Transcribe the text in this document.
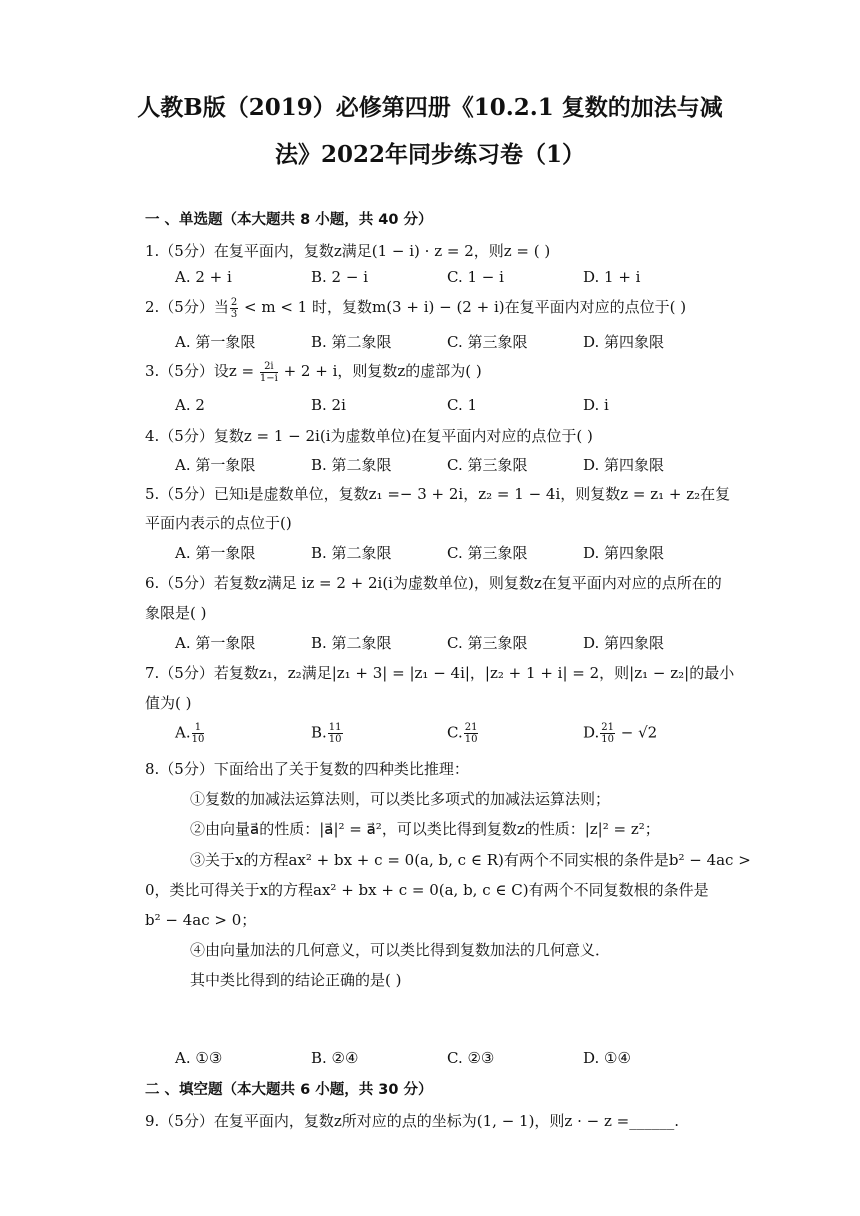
人教B版（2019）必修第四册《10.2.1 复数的加法与减
法》2022年同步练习卷（1）
一 、单选题（本大题共 8 小题，共 40 分）
1.（5分）在复平面内，复数z满足(1 − i) · z = 2，则z = ( )
A. 2 + i	B. 2 − i	C. 1 − i	D. 1 + i
2.（5分）当 $\frac{2}{3} < m < 1$ 时，复数m(3 + i) − (2 + i)在复平面内对应的点位于( )
A. 第一象限	B. 第二象限	C. 第三象限	D. 第四象限
3.（5分）设$z = \frac{2i}{1-i} + 2 + i$，则复数z的虚部为( )
A. 2	B. 2i	C. 1	D. i
4.（5分）复数z = 1 − 2i(i为虚数单位)在复平面内对应的点位于( )
A. 第一象限	B. 第二象限	C. 第三象限	D. 第四象限
5.（5分）已知i是虚数单位，复数z₁ =− 3 + 2i，z₂ = 1 − 4i，则复数z = z₁ + z₂在复
平面内表示的点位于()
A. 第一象限	B. 第二象限	C. 第三象限	D. 第四象限
6.（5分）若复数z满足 iz = 2 + 2i(i为虚数单位)，则复数z在复平面内对应的点所在的
象限是( )
A. 第一象限	B. 第二象限	C. 第三象限	D. 第四象限
7.（5分）若复数z₁，z₂满足|z₁ + 3| = |z₁ − 4i|，|z₂ + 1 + i| = 2，则|z₁ − z₂|的最小
值为( )
A. $\frac{1}{10}$	B. $\frac{11}{10}$	C. $\frac{21}{10}$	D. $\frac{21}{10} - √2$
8.（5分）下面给出了关于复数的四种类比推理：
①复数的加减法运算法则，可以类比多项式的加减法运算法则；
②由向量a⃗的性质：|a⃗|² = a⃗²，可以类比得到复数z的性质：|z|² = z²；
③关于x的方程ax² + bx + c = 0(a, b, c ∈ R)有两个不同实根的条件是b² − 4ac >
0，类比可得关于x的方程ax² + bx + c = 0(a, b, c ∈ C)有两个不同复数根的条件是
b² − 4ac > 0；
④由向量加法的几何意义，可以类比得到复数加法的几何意义．
其中类比得到的结论正确的是( )
A. ①③	B. ②④	C. ②③	D. ①④
二 、填空题（本大题共 6 小题，共 30 分）
9.（5分）在复平面内，复数z所对应的点的坐标为(1, − 1)，则z · − z =______.
